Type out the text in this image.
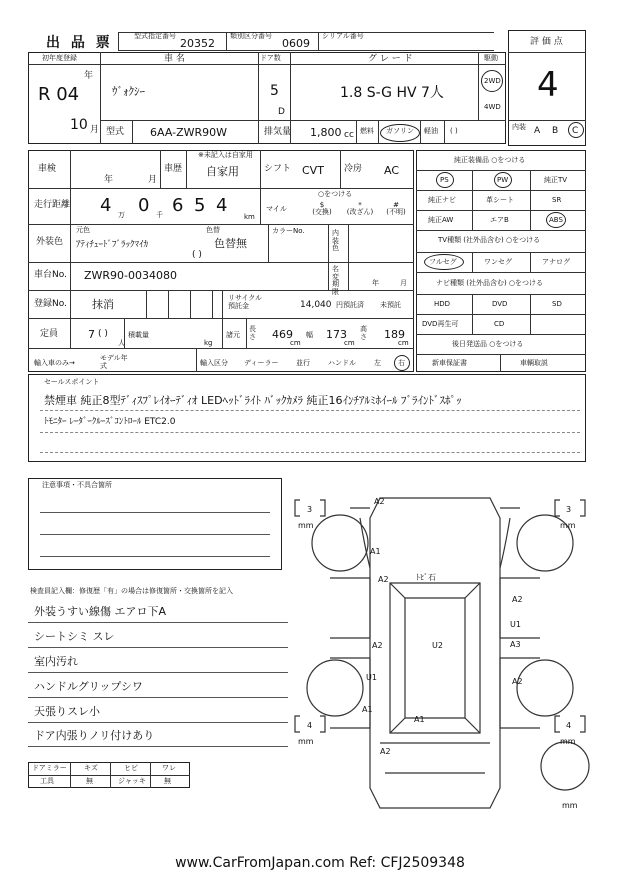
出 品 票	型式指定番号
20352
類別区分番号
0609
シリアル番号
評 価 点
4
初年度登録
年
R 04
10 月
車 名
ｳﾞｫｸｼｰ
ドア数
5
D
グ レ ー ド
1.8 S-G HV 7人
駆動
2WD
4WD
型式 6AA-ZWR90W	排気量 1,800 cc 燃料 ガソリン 軽油 ( )	内装 A B C
車検
年	月
車歴
※未記入は自家用
自家用	シフト CVT 冷房 AC
走行距離 4 万 0 千 6 5 4
km
○をつける
マイル	$
(交換)
*
(改ざん)
#
(不明)
外装色
元色
ｱﾃｨﾁｭｰﾄﾞﾌﾞﾗｯｸﾏｲｶ
色替
色替無
( )
カラーNo.	内装色
車台No. ZWR90-0034080	名変期限
年	月
登録No. 抹消	リサイクル預託金	14,040 円預託済 未預託
定員	7 ( )
人
積載量
kg
諸元
長さ 469
cm
幅 173
cm
高さ 189
cm
輸入車のみ→
モデル年式	輸入区分 ディーラー	並行	ハンドル	左 右
純正装備品 ○をつける
PS	PW	純正TV
純正ナビ	革シート	SR
純正AW	エアB	ABS
TV種類 (社外品含む) ○をつける
フルセグ	ワンセグ	アナログ
ナビ種類 (社外品含む) ○をつける
HDD	DVD	SD
DVD再生可	CD
後日発送品 ○をつける
新車保証書	車輌取説
セールスポイント
禁煙車 純正8型ﾃﾞｨｽﾌﾟﾚｲｵｰﾃﾞｨｵ LEDﾍｯﾄﾞﾗｲﾄ ﾊﾞｯｸｶﾒﾗ 純正16ｲﾝﾁｱﾙﾐﾎｲｰﾙ ﾌﾞﾗｲﾝﾄﾞｽﾎﾟｯ
ﾄﾓﾆﾀｰ ﾚｰﾀﾞｰｸﾙｰｽﾞｺﾝﾄﾛｰﾙ ETC2.0
注意事項・不具合箇所
検査員記入欄：修復歴「有」の場合は修復箇所・交換箇所を記入
外装うすい線傷 エアロ下A
シートシミ スレ
室内汚れ
ハンドルグリップシワ
天張りスレ小
ドア内張りノリ付けあり
ドアミラー キズ	ヒビ	ワレ
工具	無	ジャッキ	無
3
mm
3
mm
4
mm
4
mm
mm
A2
A1
A2	ﾄﾋﾞ石
A2
A2
U1
A3
U2
A2
U1
A1
A1
A2
www.CarFromJapan.com Ref: CFJ2509348
